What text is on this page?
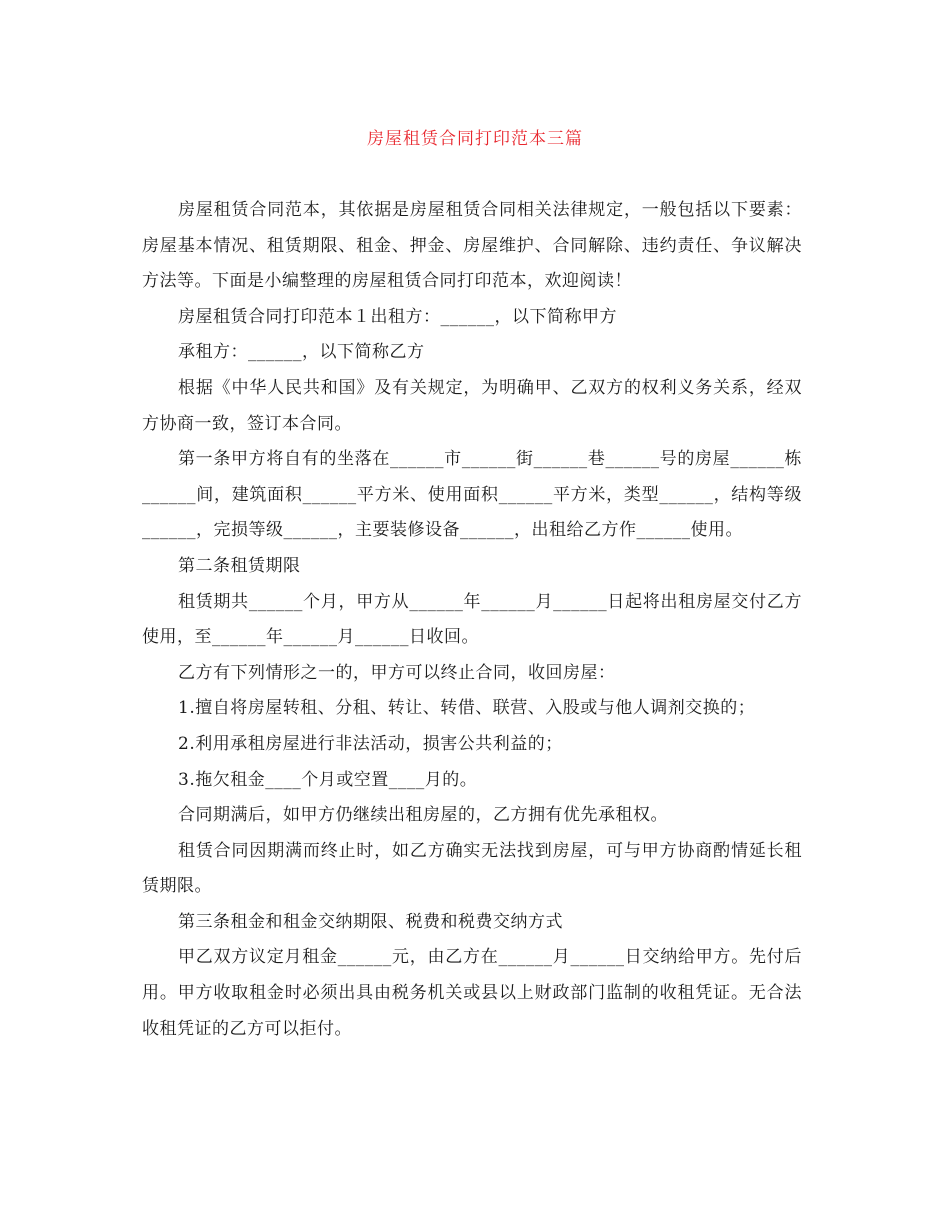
房屋租赁合同打印范本三篇

房屋租赁合同范本，其依据是房屋租赁合同相关法律规定，一般包括以下要素：房屋基本情况、租赁期限、租金、押金、房屋维护、合同解除、违约责任、争议解决方法等。下面是小编整理的房屋租赁合同打印范本，欢迎阅读！

房屋租赁合同打印范本１出租方：______，以下简称甲方

承租方：______，以下简称乙方

根据《中华人民共和国》及有关规定，为明确甲、乙双方的权利义务关系，经双方协商一致，签订本合同。

第一条甲方将自有的坐落在______市______街______巷______号的房屋______栋______间，建筑面积______平方米、使用面积______平方米，类型______，结构等级______，完损等级______，主要装修设备______，出租给乙方作______使用。

第二条租赁期限

租赁期共______个月，甲方从______年______月______日起将出租房屋交付乙方使用，至______年______月______日收回。

乙方有下列情形之一的，甲方可以终止合同，收回房屋：

1.擅自将房屋转租、分租、转让、转借、联营、入股或与他人调剂交换的；

2.利用承租房屋进行非法活动，损害公共利益的；

3.拖欠租金____个月或空置____月的。

合同期满后，如甲方仍继续出租房屋的，乙方拥有优先承租权。

租赁合同因期满而终止时，如乙方确实无法找到房屋，可与甲方协商酌情延长租赁期限。

第三条租金和租金交纳期限、税费和税费交纳方式

甲乙双方议定月租金______元，由乙方在______月______日交纳给甲方。先付后用。甲方收取租金时必须出具由税务机关或县以上财政部门监制的收租凭证。无合法收租凭证的乙方可以拒付。
